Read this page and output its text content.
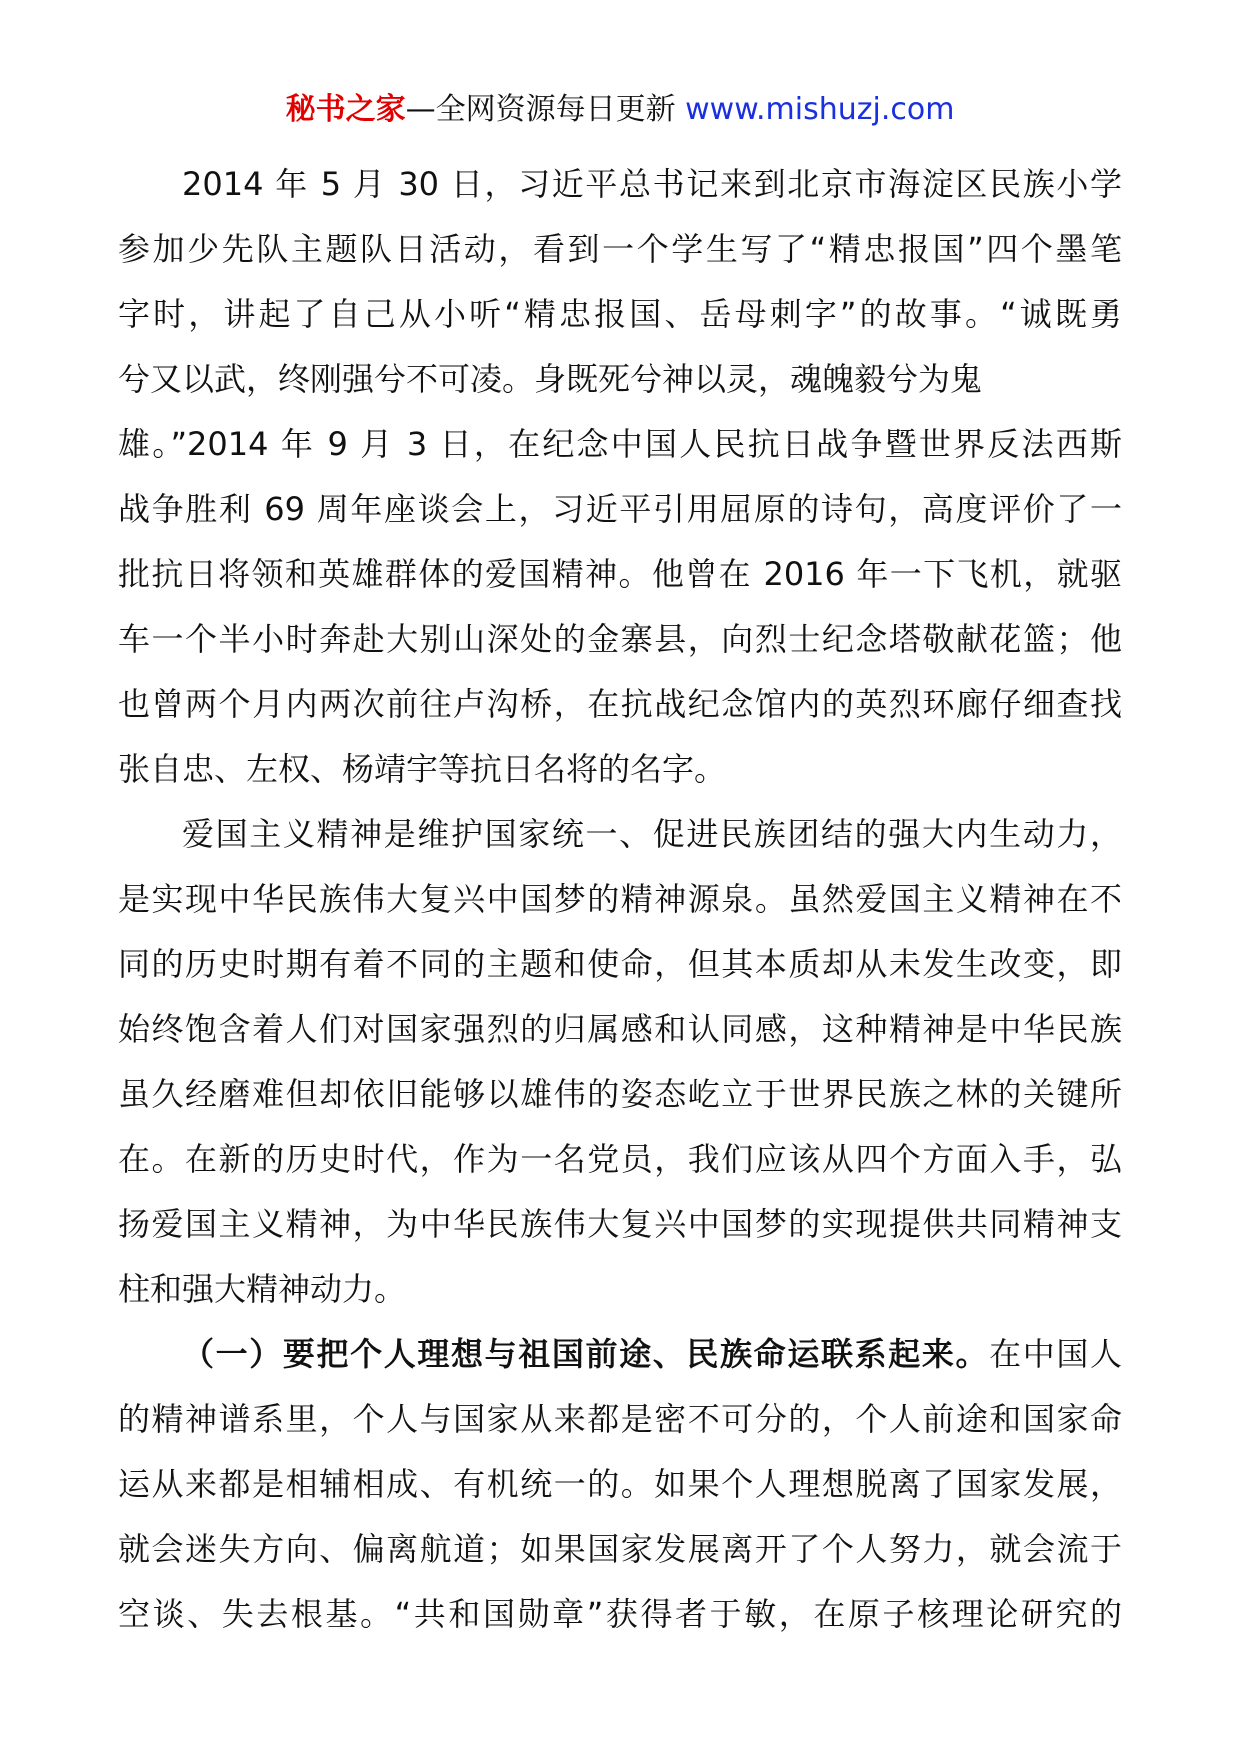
秘书之家—全网资源每日更新 www.mishuzj.com
2014 年 5 月 30 日，习近平总书记来到北京市海淀区民族小学
参加少先队主题队日活动，看到一个学生写了“精忠报国”四个墨笔
字时，讲起了自己从小听“精忠报国、岳母刺字”的故事。“诚既勇
兮又以武，终刚强兮不可凌。身既死兮神以灵，魂魄毅兮为鬼
雄。”2014 年 9 月 3 日，在纪念中国人民抗日战争暨世界反法西斯
战争胜利 69 周年座谈会上，习近平引用屈原的诗句，高度评价了一
批抗日将领和英雄群体的爱国精神。他曾在 2016 年一下飞机，就驱
车一个半小时奔赴大别山深处的金寨县，向烈士纪念塔敬献花篮；他
也曾两个月内两次前往卢沟桥，在抗战纪念馆内的英烈环廊仔细查找
张自忠、左权、杨靖宇等抗日名将的名字。
爱国主义精神是维护国家统一、促进民族团结的强大内生动力，
是实现中华民族伟大复兴中国梦的精神源泉。虽然爱国主义精神在不
同的历史时期有着不同的主题和使命，但其本质却从未发生改变，即
始终饱含着人们对国家强烈的归属感和认同感，这种精神是中华民族
虽久经磨难但却依旧能够以雄伟的姿态屹立于世界民族之林的关键所
在。在新的历史时代，作为一名党员，我们应该从四个方面入手，弘
扬爱国主义精神，为中华民族伟大复兴中国梦的实现提供共同精神支
柱和强大精神动力。
（一）要把个人理想与祖国前途、民族命运联系起来。在中国人
的精神谱系里，个人与国家从来都是密不可分的，个人前途和国家命
运从来都是相辅相成、有机统一的。如果个人理想脱离了国家发展，
就会迷失方向、偏离航道；如果国家发展离开了个人努力，就会流于
空谈、失去根基。“共和国勋章”获得者于敏，在原子核理论研究的
